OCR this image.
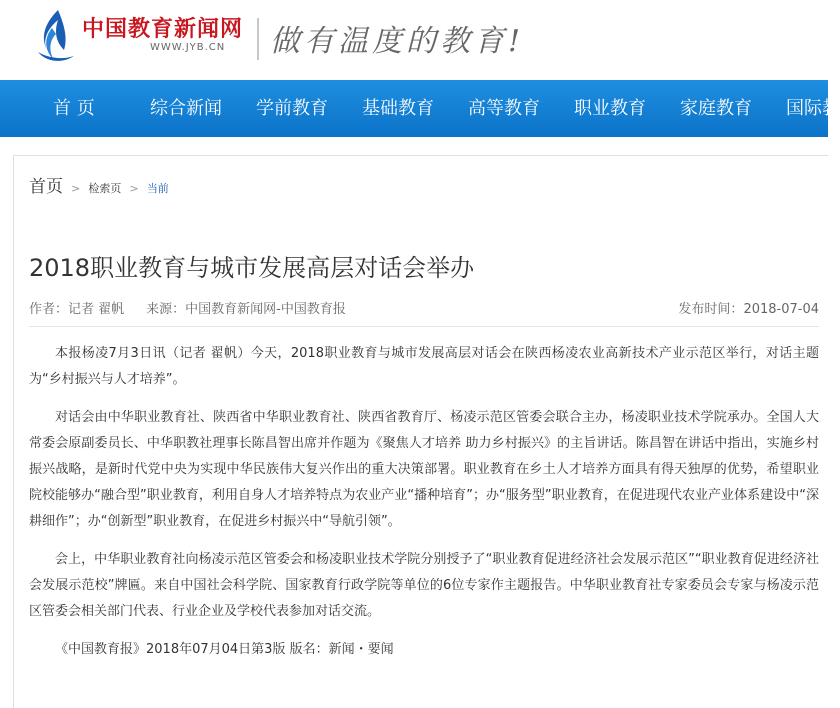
中国教育新闻网
WWW.JYB.CN 做有温度的教育!
首 页	综合新闻 学前教育 基础教育 高等教育 职业教育 家庭教育 国际教
首页 > 检索页 > 当前
2018职业教育与城市发展高层对话会举办
作者：记者 翟帆 来源：中国教育新闻网-中国教育报	发布时间：2018-07-04

本报杨凌7月3日讯（记者 翟帆）今天，2018职业教育与城市发展高层对话会在陕西杨凌农业高新技术产业示范区举行，对话主题为“乡村振兴与人才培养”。

对话会由中华职业教育社、陕西省中华职业教育社、陕西省教育厅、杨凌示范区管委会联合主办，杨凌职业技术学院承办。全国人大常委会原副委员长、中华职教社理事长陈昌智出席并作题为《聚焦人才培养 助力乡村振兴》的主旨讲话。陈昌智在讲话中指出，实施乡村振兴战略，是新时代党中央为实现中华民族伟大复兴作出的重大决策部署。职业教育在乡土人才培养方面具有得天独厚的优势，希望职业院校能够办“融合型”职业教育，利用自身人才培养特点为农业产业“播种培育”；办“服务型”职业教育，在促进现代农业产业体系建设中“深耕细作”；办“创新型”职业教育，在促进乡村振兴中“导航引领”。

会上，中华职业教育社向杨凌示范区管委会和杨凌职业技术学院分别授予了“职业教育促进经济社会发展示范区”“职业教育促进经济社会发展示范校”牌匾。来自中国社会科学院、国家教育行政学院等单位的6位专家作主题报告。中华职业教育社专家委员会专家与杨凌示范区管委会相关部门代表、行业企业及学校代表参加对话交流。

《中国教育报》2018年07月04日第3版 版名：新闻・要闻
